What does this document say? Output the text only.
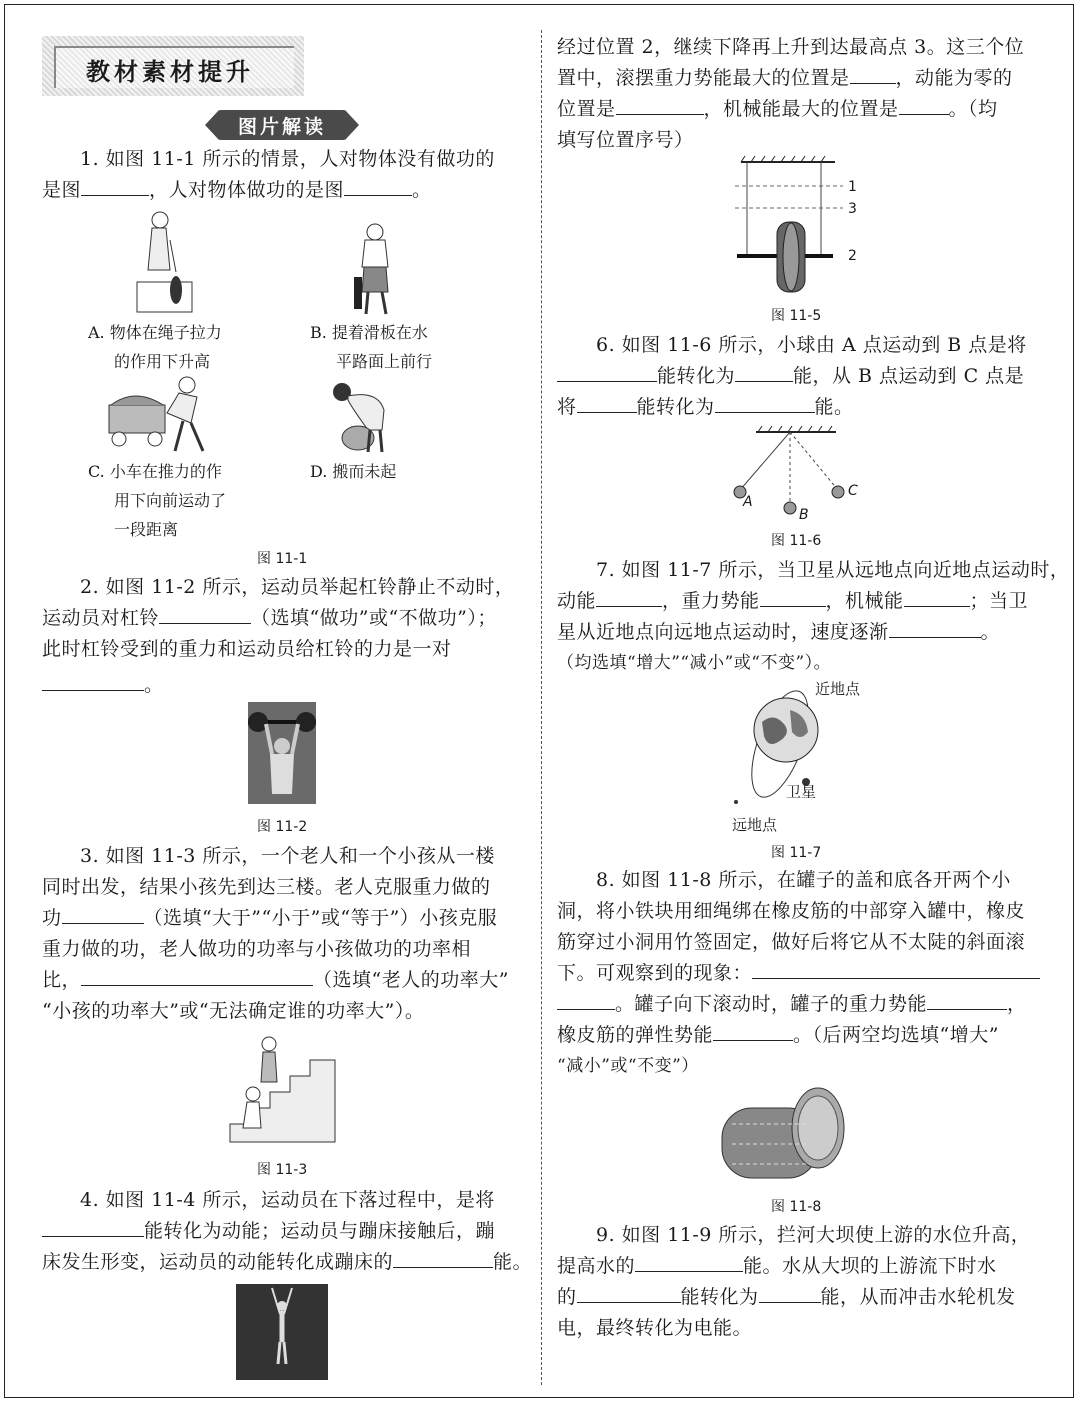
教材素材提升
图片解读
1. 如图 11-1 所示的情景，人对物体没有做功的
是图	，人对物体做功的是图	。
A. 物体在绳子拉力
的作用下升高
B. 提着滑板在水
平路面上前行
C. 小车在推力的作
用下向前运动了
一段距离
D. 搬而未起
图 11-1
2. 如图 11-2 所示，运动员举起杠铃静止不动时，
运动员对杠铃	（选填“做功”或“不做功”）；
此时杠铃受到的重力和运动员给杠铃的力是一对
。
图 11-2
3. 如图 11-3 所示，一个老人和一个小孩从一楼
同时出发，结果小孩先到达三楼。老人克服重力做的
功	（选填“大于”“小于”或“等于”）小孩克服
重力做的功，老人做功的功率与小孩做功的功率相
比，	（选填“老人的功率大”
“小孩的功率大”或“无法确定谁的功率大”）。
图 11-3
4. 如图 11-4 所示，运动员在下落过程中，是将
能转化为动能；运动员与蹦床接触后，蹦
床发生形变，运动员的动能转化成蹦床的	能。
经过位置 2，继续下降再上升到达最高点 3。这三个位
置中，滚摆重力势能最大的位置是 ，动能为零的
位置是	，机械能最大的位置是	。（均
填写位置序号）
1
3
2
图 11-5
6. 如图 11-6 所示，小球由 A 点运动到 B 点是将
能转化为	能，从 B 点运动到 C 点是
将	能转化为	能。
A
B
C
图 11-6
7. 如图 11-7 所示，当卫星从远地点向近地点运动时，
动能	，重力势能	，机械能	；当卫
星从近地点向远地点运动时，速度逐渐	。
（均选填“增大”“减小”或“不变”）。
近地点
卫星
远地点
图 11-7
8. 如图 11-8 所示，在罐子的盖和底各开两个小
洞，将小铁块用细绳绑在橡皮筋的中部穿入罐中，橡皮
筋穿过小洞用竹签固定，做好后将它从不太陡的斜面滚
下。可观察到的现象：
。罐子向下滚动时，罐子的重力势能	，
橡皮筋的弹性势能	。（后两空均选填“增大”
“减小”或“不变”）
图 11-8
9. 如图 11-9 所示，拦河大坝使上游的水位升高，
提高水的	能。水从大坝的上游流下时水
的	能转化为	能，从而冲击水轮机发
电，最终转化为电能。
